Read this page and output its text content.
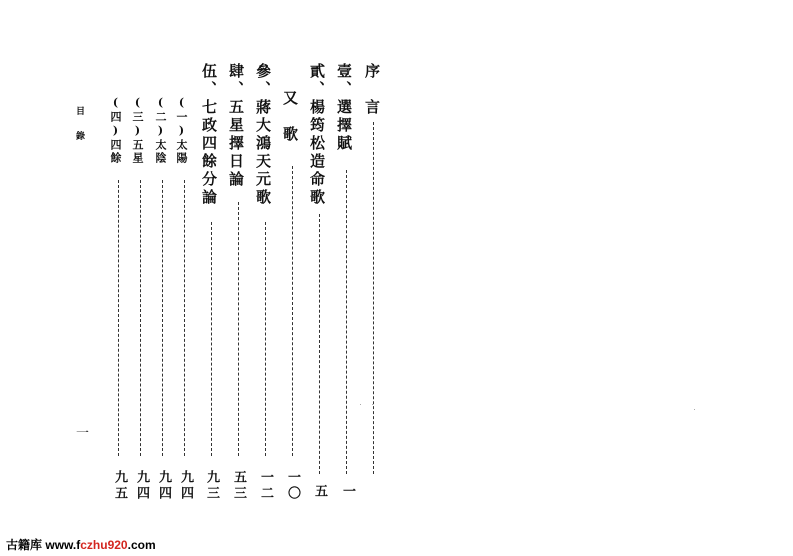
目錄
一
序　言
壹、選擇賦
貳、楊筠松造命歌
又　歌
參、蔣大鴻天元歌
肆、五星擇日論
伍、七政四餘分論
(一)太陽
(二)太陰
(三)五星
(四)四餘
一
五
一〇
一二
五三
九三
九四
九四
九四
九五
古籍库 www.fczhu920.com
